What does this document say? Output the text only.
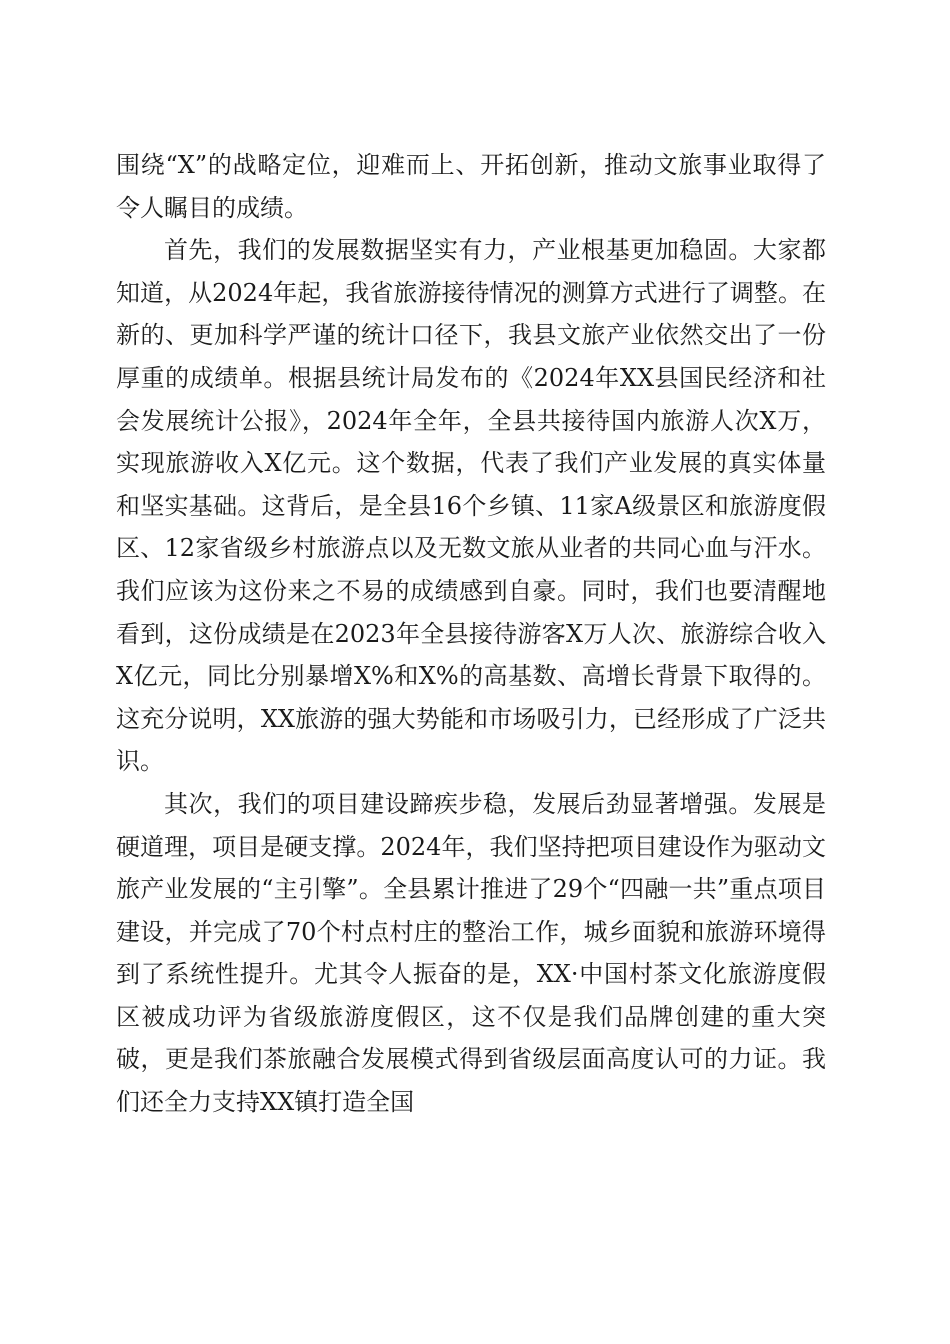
围绕“X”的战略定位，迎难而上、开拓创新，推动文旅事业取得了令人瞩目的成绩。

首先，我们的发展数据坚实有力，产业根基更加稳固。大家都知道，从2024年起，我省旅游接待情况的测算方式进行了调整。在新的、更加科学严谨的统计口径下，我县文旅产业依然交出了一份厚重的成绩单。根据县统计局发布的《2024年XX县国民经济和社会发展统计公报》，2024年全年，全县共接待国内旅游人次X万，实现旅游收入X亿元。这个数据，代表了我们产业发展的真实体量和坚实基础。这背后，是全县16个乡镇、11家A级景区和旅游度假区、12家省级乡村旅游点以及无数文旅从业者的共同心血与汗水。我们应该为这份来之不易的成绩感到自豪。同时，我们也要清醒地看到，这份成绩是在2023年全县接待游客X万人次、旅游综合收入X亿元，同比分别暴增X%和X%的高基数、高增长背景下取得的。这充分说明，XX旅游的强大势能和市场吸引力，已经形成了广泛共识。

其次，我们的项目建设蹄疾步稳，发展后劲显著增强。发展是硬道理，项目是硬支撑。2024年，我们坚持把项目建设作为驱动文旅产业发展的“主引擎”。全县累计推进了29个“四融一共”重点项目建设，并完成了70个村点村庄的整治工作，城乡面貌和旅游环境得到了系统性提升。尤其令人振奋的是，XX·中国村茶文化旅游度假区被成功评为省级旅游度假区，这不仅是我们品牌创建的重大突破，更是我们茶旅融合发展模式得到省级层面高度认可的力证。我们还全力支持XX镇打造全国
